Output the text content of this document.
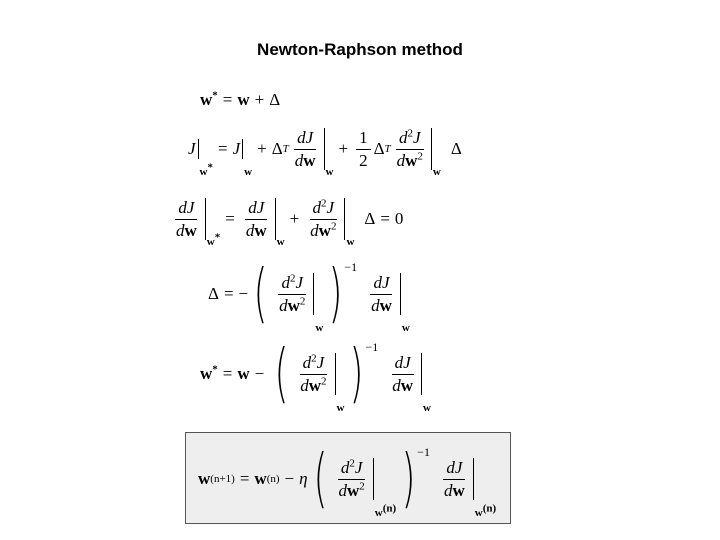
Newton-Raphson method
w* = w + Δ
J
w*
= J
w
+ Δ T $\frac{dJ}{dw}$
w
+ $\frac{1}{2}$ Δ T $\frac{d^2J}{dw^2}$
w
Δ
$\frac{dJ}{dw}$
w*
= $\frac{dJ}{dw}$
w
+ $\frac{d^2J}{dw^2}$
w
Δ = 0
Δ = − ( $\frac{d^2J}{dw^2}$
w ) −1
$\frac{dJ}{dw}$
w
w* = w − ( $\frac{d^2J}{dw^2}$
w ) −1
$\frac{dJ}{dw}$
w
w (n+1) = w (n) − η ( $\frac{d^2J}{dw^2}$
$w^{(n)}$ ) −1
$\frac{dJ}{dw}$
$w^{(n)}$
